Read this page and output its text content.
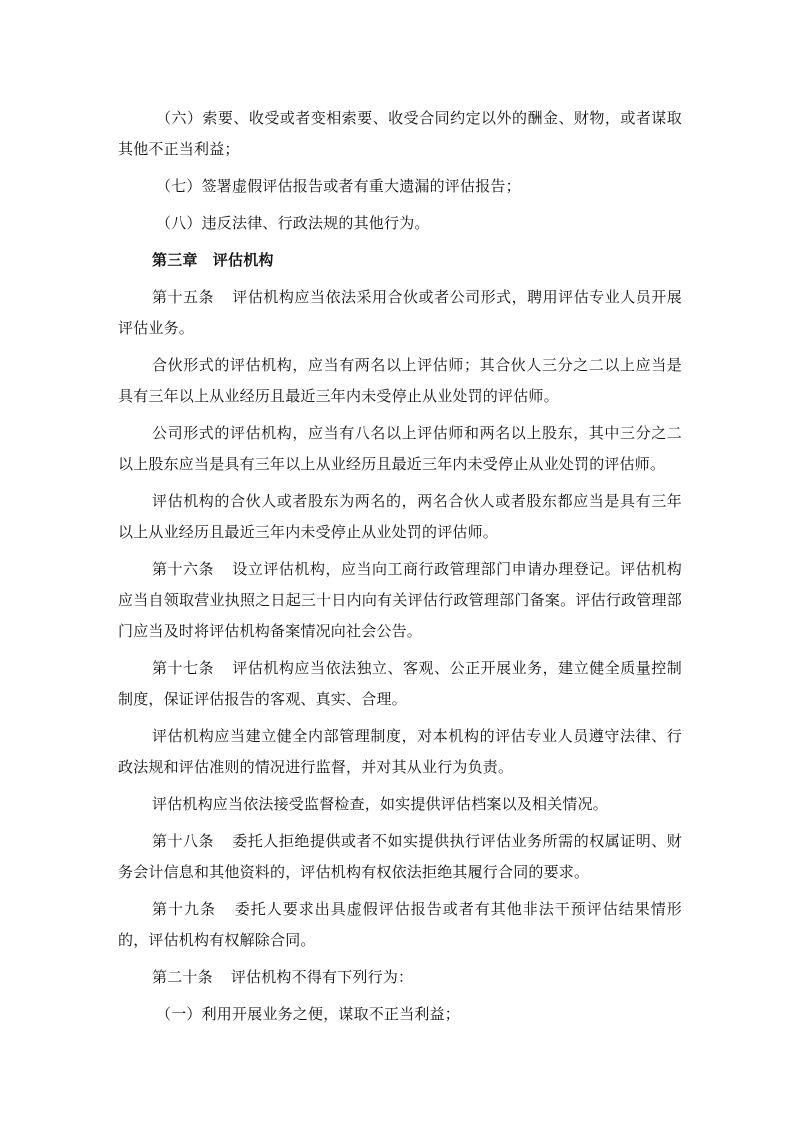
（六）索要、收受或者变相索要、收受合同约定以外的酬金、财物，或者谋取其他不正当利益；

（七）签署虚假评估报告或者有重大遗漏的评估报告；

（八）违反法律、行政法规的其他行为。

第三章　评估机构

第十五条 评估机构应当依法采用合伙或者公司形式，聘用评估专业人员开展评估业务。

合伙形式的评估机构，应当有两名以上评估师；其合伙人三分之二以上应当是具有三年以上从业经历且最近三年内未受停止从业处罚的评估师。

公司形式的评估机构，应当有八名以上评估师和两名以上股东，其中三分之二以上股东应当是具有三年以上从业经历且最近三年内未受停止从业处罚的评估师。

评估机构的合伙人或者股东为两名的，两名合伙人或者股东都应当是具有三年以上从业经历且最近三年内未受停止从业处罚的评估师。

第十六条 设立评估机构，应当向工商行政管理部门申请办理登记。评估机构应当自领取营业执照之日起三十日内向有关评估行政管理部门备案。评估行政管理部门应当及时将评估机构备案情况向社会公告。

第十七条 评估机构应当依法独立、客观、公正开展业务，建立健全质量控制制度，保证评估报告的客观、真实、合理。

评估机构应当建立健全内部管理制度，对本机构的评估专业人员遵守法律、行政法规和评估准则的情况进行监督，并对其从业行为负责。

评估机构应当依法接受监督检查，如实提供评估档案以及相关情况。

第十八条 委托人拒绝提供或者不如实提供执行评估业务所需的权属证明、财务会计信息和其他资料的，评估机构有权依法拒绝其履行合同的要求。

第十九条 委托人要求出具虚假评估报告或者有其他非法干预评估结果情形的，评估机构有权解除合同。

第二十条 评估机构不得有下列行为：

（一）利用开展业务之便，谋取不正当利益；
